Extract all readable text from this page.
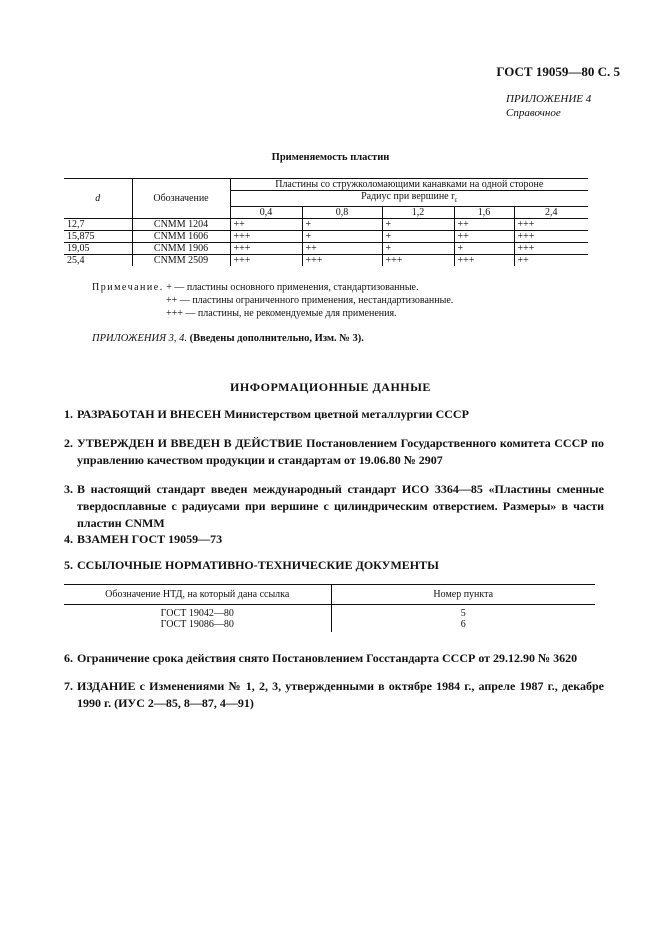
ГОСТ 19059—80 С. 5
ПРИЛОЖЕНИЕ 4
Справочное
Применяемость пластин
d	Обозначение	Пластины со стружколомающими канавками на одной стороне				
		Радиус при вершине $r_\varepsilon$
		0,4	0,8	1,2	1,6	2,4
12,7	CNMM 1204	++	+	+	++	+++
15,875	CNMM 1606	+++	+	+	++	+++
19,05	CNMM 1906	+++	++	+	+	+++
25,4	CNMM 2509	+++	+++	+++	+++	++
Примечание. + — пластины основного применения, стандартизованные.
++ — пластины ограниченного применения, нестандартизованные.
+++ — пластины, не рекомендуемые для применения.
ПРИЛОЖЕНИЯ 3, 4. (Введены дополнительно, Изм. № 3).
ИНФОРМАЦИОННЫЕ ДАННЫЕ
1. РАЗРАБОТАН И ВНЕСЕН Министерством цветной металлургии СССР
2. УТВЕРЖДЕН И ВВЕДЕН В ДЕЙСТВИЕ Постановлением Государственного комитета СССР по управлению качеством продукции и стандартам от 19.06.80 № 2907
3. В настоящий стандарт введен международный стандарт ИСО 3364—85 «Пластины сменные твердосплавные с радиусами при вершине с цилиндрическим отверстием. Размеры» в части пластин CNMM
4. ВЗАМЕН ГОСТ 19059—73
5. ССЫЛОЧНЫЕ НОРМАТИВНО-ТЕХНИЧЕСКИЕ ДОКУМЕНТЫ
Обозначение НТД, на который дана ссылка	Номер пункта
ГОСТ 19042—80	5
ГОСТ 19086—80	6
6. Ограничение срока действия снято Постановлением Госстандарта СССР от 29.12.90 № 3620
7. ИЗДАНИЕ с Изменениями № 1, 2, 3, утвержденными в октябре 1984 г., апреле 1987 г., декабре 1990 г. (ИУС 2—85, 8—87, 4—91)
